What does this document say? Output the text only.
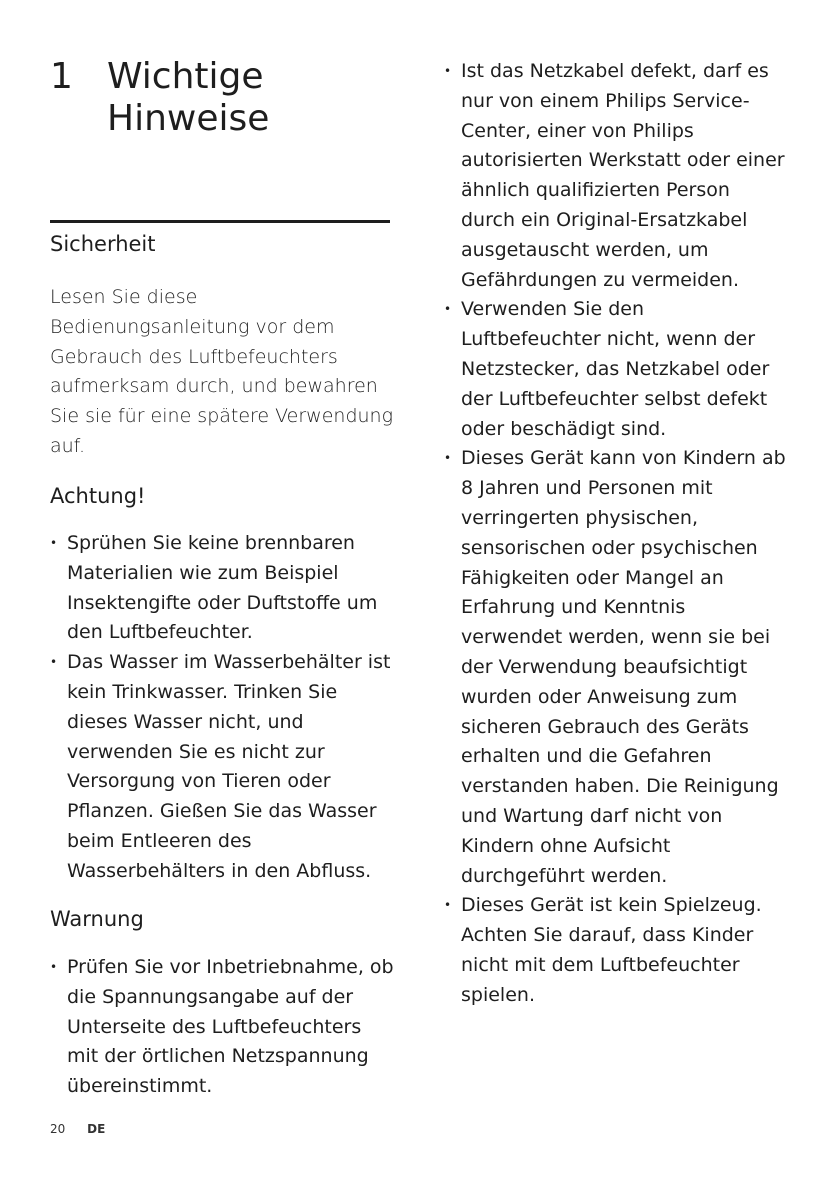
1 Wichtige
Hinweise
Sicherheit

Lesen Sie diese Bedienungsanleitung vor dem Gebrauch des Luftbefeuchters aufmerksam durch, und bewahren Sie sie für eine spätere Verwendung auf.

Achtung!
• Sprühen Sie keine brennbaren Materialien wie zum Beispiel Insektengifte oder Duftstoffe um den Luftbefeuchter.
• Das Wasser im Wasserbehälter ist kein Trinkwasser. Trinken Sie dieses Wasser nicht, und verwenden Sie es nicht zur Versorgung von Tieren oder Pflanzen. Gießen Sie das Wasser beim Entleeren des Wasserbehälters in den Abfluss.
Warnung
• Prüfen Sie vor Inbetriebnahme, ob die Spannungsangabe auf der Unterseite des Luftbefeuchters mit der örtlichen Netzspannung übereinstimmt.
• Ist das Netzkabel defekt, darf es nur von einem Philips Service-Center, einer von Philips autorisierten Werkstatt oder einer ähnlich qualifizierten Person durch ein Original-Ersatzkabel ausgetauscht werden, um Gefährdungen zu vermeiden.
• Verwenden Sie den Luftbefeuchter nicht, wenn der Netzstecker, das Netzkabel oder der Luftbefeuchter selbst defekt oder beschädigt sind.
• Dieses Gerät kann von Kindern ab 8 Jahren und Personen mit verringerten physischen, sensorischen oder psychischen Fähigkeiten oder Mangel an Erfahrung und Kenntnis verwendet werden, wenn sie bei der Verwendung beaufsichtigt wurden oder Anweisung zum sicheren Gebrauch des Geräts erhalten und die Gefahren verstanden haben. Die Reinigung und Wartung darf nicht von Kindern ohne Aufsicht durchgeführt werden.
• Dieses Gerät ist kein Spielzeug. Achten Sie darauf, dass Kinder nicht mit dem Luftbefeuchter spielen.
20 DE
